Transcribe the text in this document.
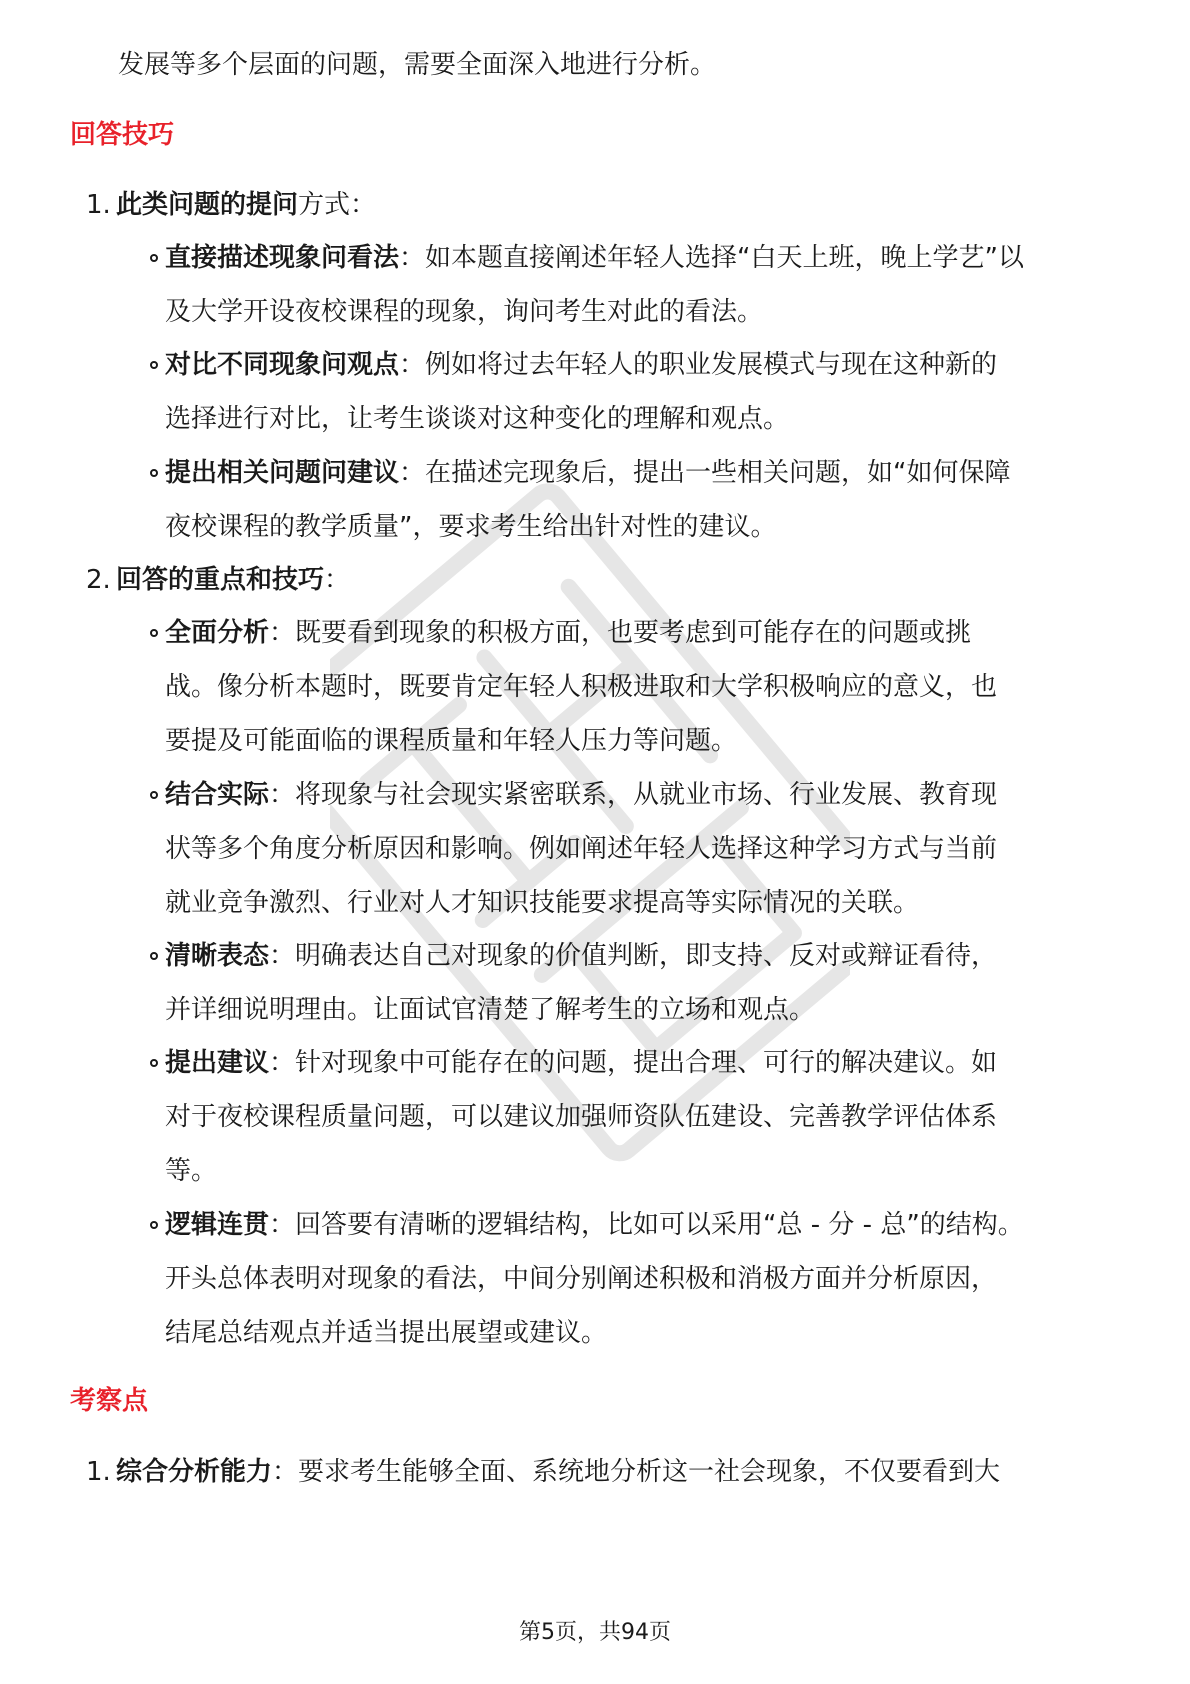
发展等多个层面的问题，需要全面深入地进行分析。
回答技巧
1. 此类问题的提问方式：
直接描述现象问看法：如本题直接阐述年轻人选择“白天上班，晚上学艺”以
及大学开设夜校课程的现象，询问考生对此的看法。
对比不同现象问观点：例如将过去年轻人的职业发展模式与现在这种新的
选择进行对比，让考生谈谈对这种变化的理解和观点。
提出相关问题问建议：在描述完现象后，提出一些相关问题，如“如何保障
夜校课程的教学质量”，要求考生给出针对性的建议。
2. 回答的重点和技巧：
全面分析：既要看到现象的积极方面，也要考虑到可能存在的问题或挑
战。像分析本题时，既要肯定年轻人积极进取和大学积极响应的意义，也
要提及可能面临的课程质量和年轻人压力等问题。
结合实际：将现象与社会现实紧密联系，从就业市场、行业发展、教育现
状等多个角度分析原因和影响。例如阐述年轻人选择这种学习方式与当前
就业竞争激烈、行业对人才知识技能要求提高等实际情况的关联。
清晰表态：明确表达自己对现象的价值判断，即支持、反对或辩证看待，
并详细说明理由。让面试官清楚了解考生的立场和观点。
提出建议：针对现象中可能存在的问题，提出合理、可行的解决建议。如
对于夜校课程质量问题，可以建议加强师资队伍建设、完善教学评估体系
等。
逻辑连贯：回答要有清晰的逻辑结构，比如可以采用“总 - 分 - 总”的结构。
开头总体表明对现象的看法，中间分别阐述积极和消极方面并分析原因，
结尾总结观点并适当提出展望或建议。
考察点
1. 综合分析能力：要求考生能够全面、系统地分析这一社会现象，不仅要看到大
第5页，共94页
